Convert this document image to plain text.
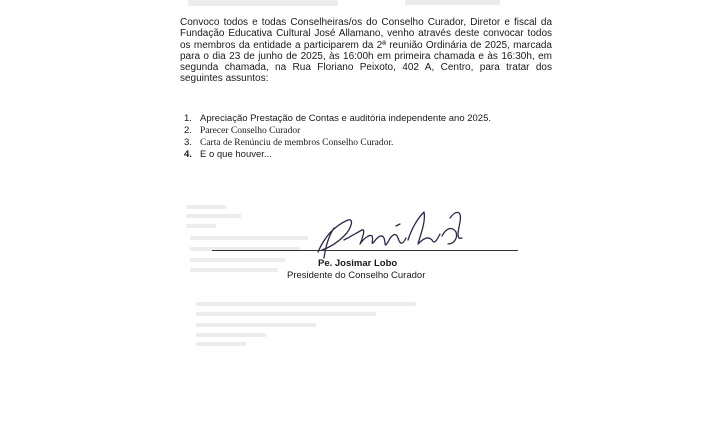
Convoco todos e todas Conselheiras/os do Conselho Curador, Diretor e fiscal da Fundação Educativa Cultural José Allamano, venho através deste convocar todos os membros da entidade a participarem da 2ª reunião Ordinária de 2025, marcada para o dia 23 de junho de 2025, às 16:00h em primeira chamada e às 16:30h, em segunda chamada, na Rua Floriano Peixoto, 402 A, Centro, para tratar dos seguintes assuntos:

1. Apreciação Prestação de Contas e auditória independente ano 2025.
2. Parecer Conselho Curador
3. Carta de Renúnciu de membros Conselho Curador.
4. E o que houver...
Pe. Josimar Lobo
Presidente do Conselho Curador
